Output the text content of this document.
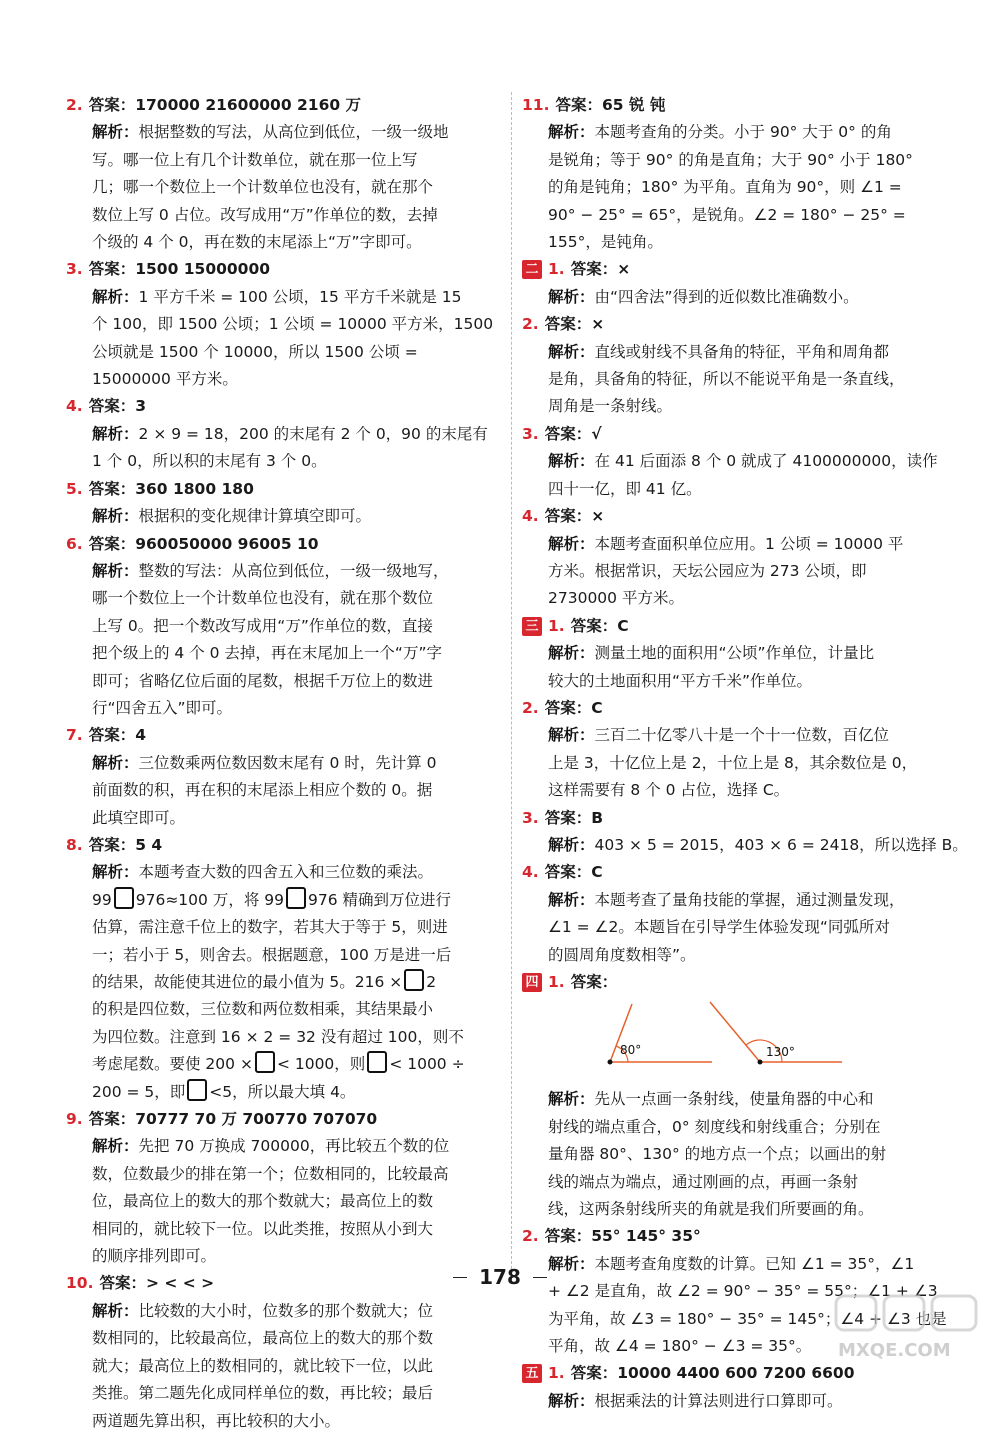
2. 答案：170000 21600000 2160 万
解析：根据整数的写法，从高位到低位，一级一级地
写。哪一位上有几个计数单位，就在那一位上写
几；哪一个数位上一个计数单位也没有，就在那个
数位上写 0 占位。改写成用“万”作单位的数，去掉
个级的 4 个 0，再在数的末尾添上“万”字即可。
3. 答案：1500 15000000
解析：1 平方千米 = 100 公顷，15 平方千米就是 15
个 100，即 1500 公顷；1 公顷 = 10000 平方米，1500
公顷就是 1500 个 10000，所以 1500 公顷 =
15000000 平方米。
4. 答案：3
解析：2 × 9 = 18，200 的末尾有 2 个 0，90 的末尾有
1 个 0，所以积的末尾有 3 个 0。
5. 答案：360 1800 180
解析：根据积的变化规律计算填空即可。
6. 答案：960050000 96005 10
解析：整数的写法：从高位到低位，一级一级地写，
哪一个数位上一个计数单位也没有，就在那个数位
上写 0。把一个数改写成用“万”作单位的数，直接
把个级上的 4 个 0 去掉，再在末尾加上一个“万”字
即可；省略亿位后面的尾数，根据千万位上的数进
行“四舍五入”即可。
7. 答案：4
解析：三位数乘两位数因数末尾有 0 时，先计算 0
前面数的积，再在积的末尾添上相应个数的 0。据
此填空即可。
8. 答案：5 4
解析：本题考查大数的四舍五入和三位数的乘法。
99 976≈100 万，将 99 976 精确到万位进行
估算，需注意千位上的数字，若其大于等于 5，则进
一；若小于 5，则舍去。根据题意，100 万是进一后
的结果，故能使其进位的最小值为 5。216 × 2
的积是四位数，三位数和两位数相乘，其结果最小
为四位数。注意到 16 × 2 = 32 没有超过 100，则不
考虑尾数。要使 200 × < 1000，则 < 1000 ÷
200 = 5，即 <5，所以最大填 4。
9. 答案：70777 70 万 700770 707070
解析：先把 70 万换成 700000，再比较五个数的位
数，位数最少的排在第一个；位数相同的，比较最高
位，最高位上的数大的那个数就大；最高位上的数
相同的，就比较下一位。以此类推，按照从小到大
的顺序排列即可。
10. 答案：> < < >
解析：比较数的大小时，位数多的那个数就大；位
数相同的，比较最高位，最高位上的数大的那个数
就大；最高位上的数相同的，就比较下一位，以此
类推。第二题先化成同样单位的数，再比较；最后
两道题先算出积，再比较积的大小。
11. 答案：65 锐 钝
解析：本题考查角的分类。小于 90° 大于 0° 的角
是锐角；等于 90° 的角是直角；大于 90° 小于 180°
的角是钝角；180° 为平角。直角为 90°，则 ∠1 =
90° − 25° = 65°，是锐角。∠2 = 180° − 25° =
155°，是钝角。
二 1. 答案：×
解析：由“四舍法”得到的近似数比准确数小。
2. 答案：×
解析：直线或射线不具备角的特征，平角和周角都
是角，具备角的特征，所以不能说平角是一条直线，
周角是一条射线。
3. 答案：√
解析：在 41 后面添 8 个 0 就成了 4100000000，读作
四十一亿，即 41 亿。
4. 答案：×
解析：本题考查面积单位应用。1 公顷 = 10000 平
方米。根据常识，天坛公园应为 273 公顷，即
2730000 平方米。
三 1. 答案：C
解析：测量土地的面积用“公顷”作单位，计量比
较大的土地面积用“平方千米”作单位。
2. 答案：C
解析：三百二十亿零八十是一个十一位数，百亿位
上是 3，十亿位上是 2，十位上是 8，其余数位是 0，
这样需要有 8 个 0 占位，选择 C。
3. 答案：B
解析：403 × 5 = 2015，403 × 6 = 2418，所以选择 B。
4. 答案：C
解析：本题考查了量角技能的掌握，通过测量发现，
∠1 = ∠2。本题旨在引导学生体验发现“同弧所对
的圆周角度数相等”。
四 1. 答案：
80°	130°
解析：先从一点画一条射线，使量角器的中心和
射线的端点重合，0° 刻度线和射线重合；分别在
量角器 80°、130° 的地方点一个点；以画出的射
线的端点为端点，通过刚画的点，再画一条射
线，这两条射线所夹的角就是我们所要画的角。
2. 答案：55° 145° 35°
解析：本题考查角度数的计算。已知 ∠1 = 35°，∠1
+ ∠2 是直角，故 ∠2 = 90° − 35° = 55°；∠1 + ∠3
为平角，故 ∠3 = 180° − 35° = 145°；∠4 + ∠3 也是
平角，故 ∠4 = 180° − ∠3 = 35°。
五 1. 答案：10000 4400 600 7200 6600
解析：根据乘法的计算法则进行口算即可。
178
MXQE.COM
